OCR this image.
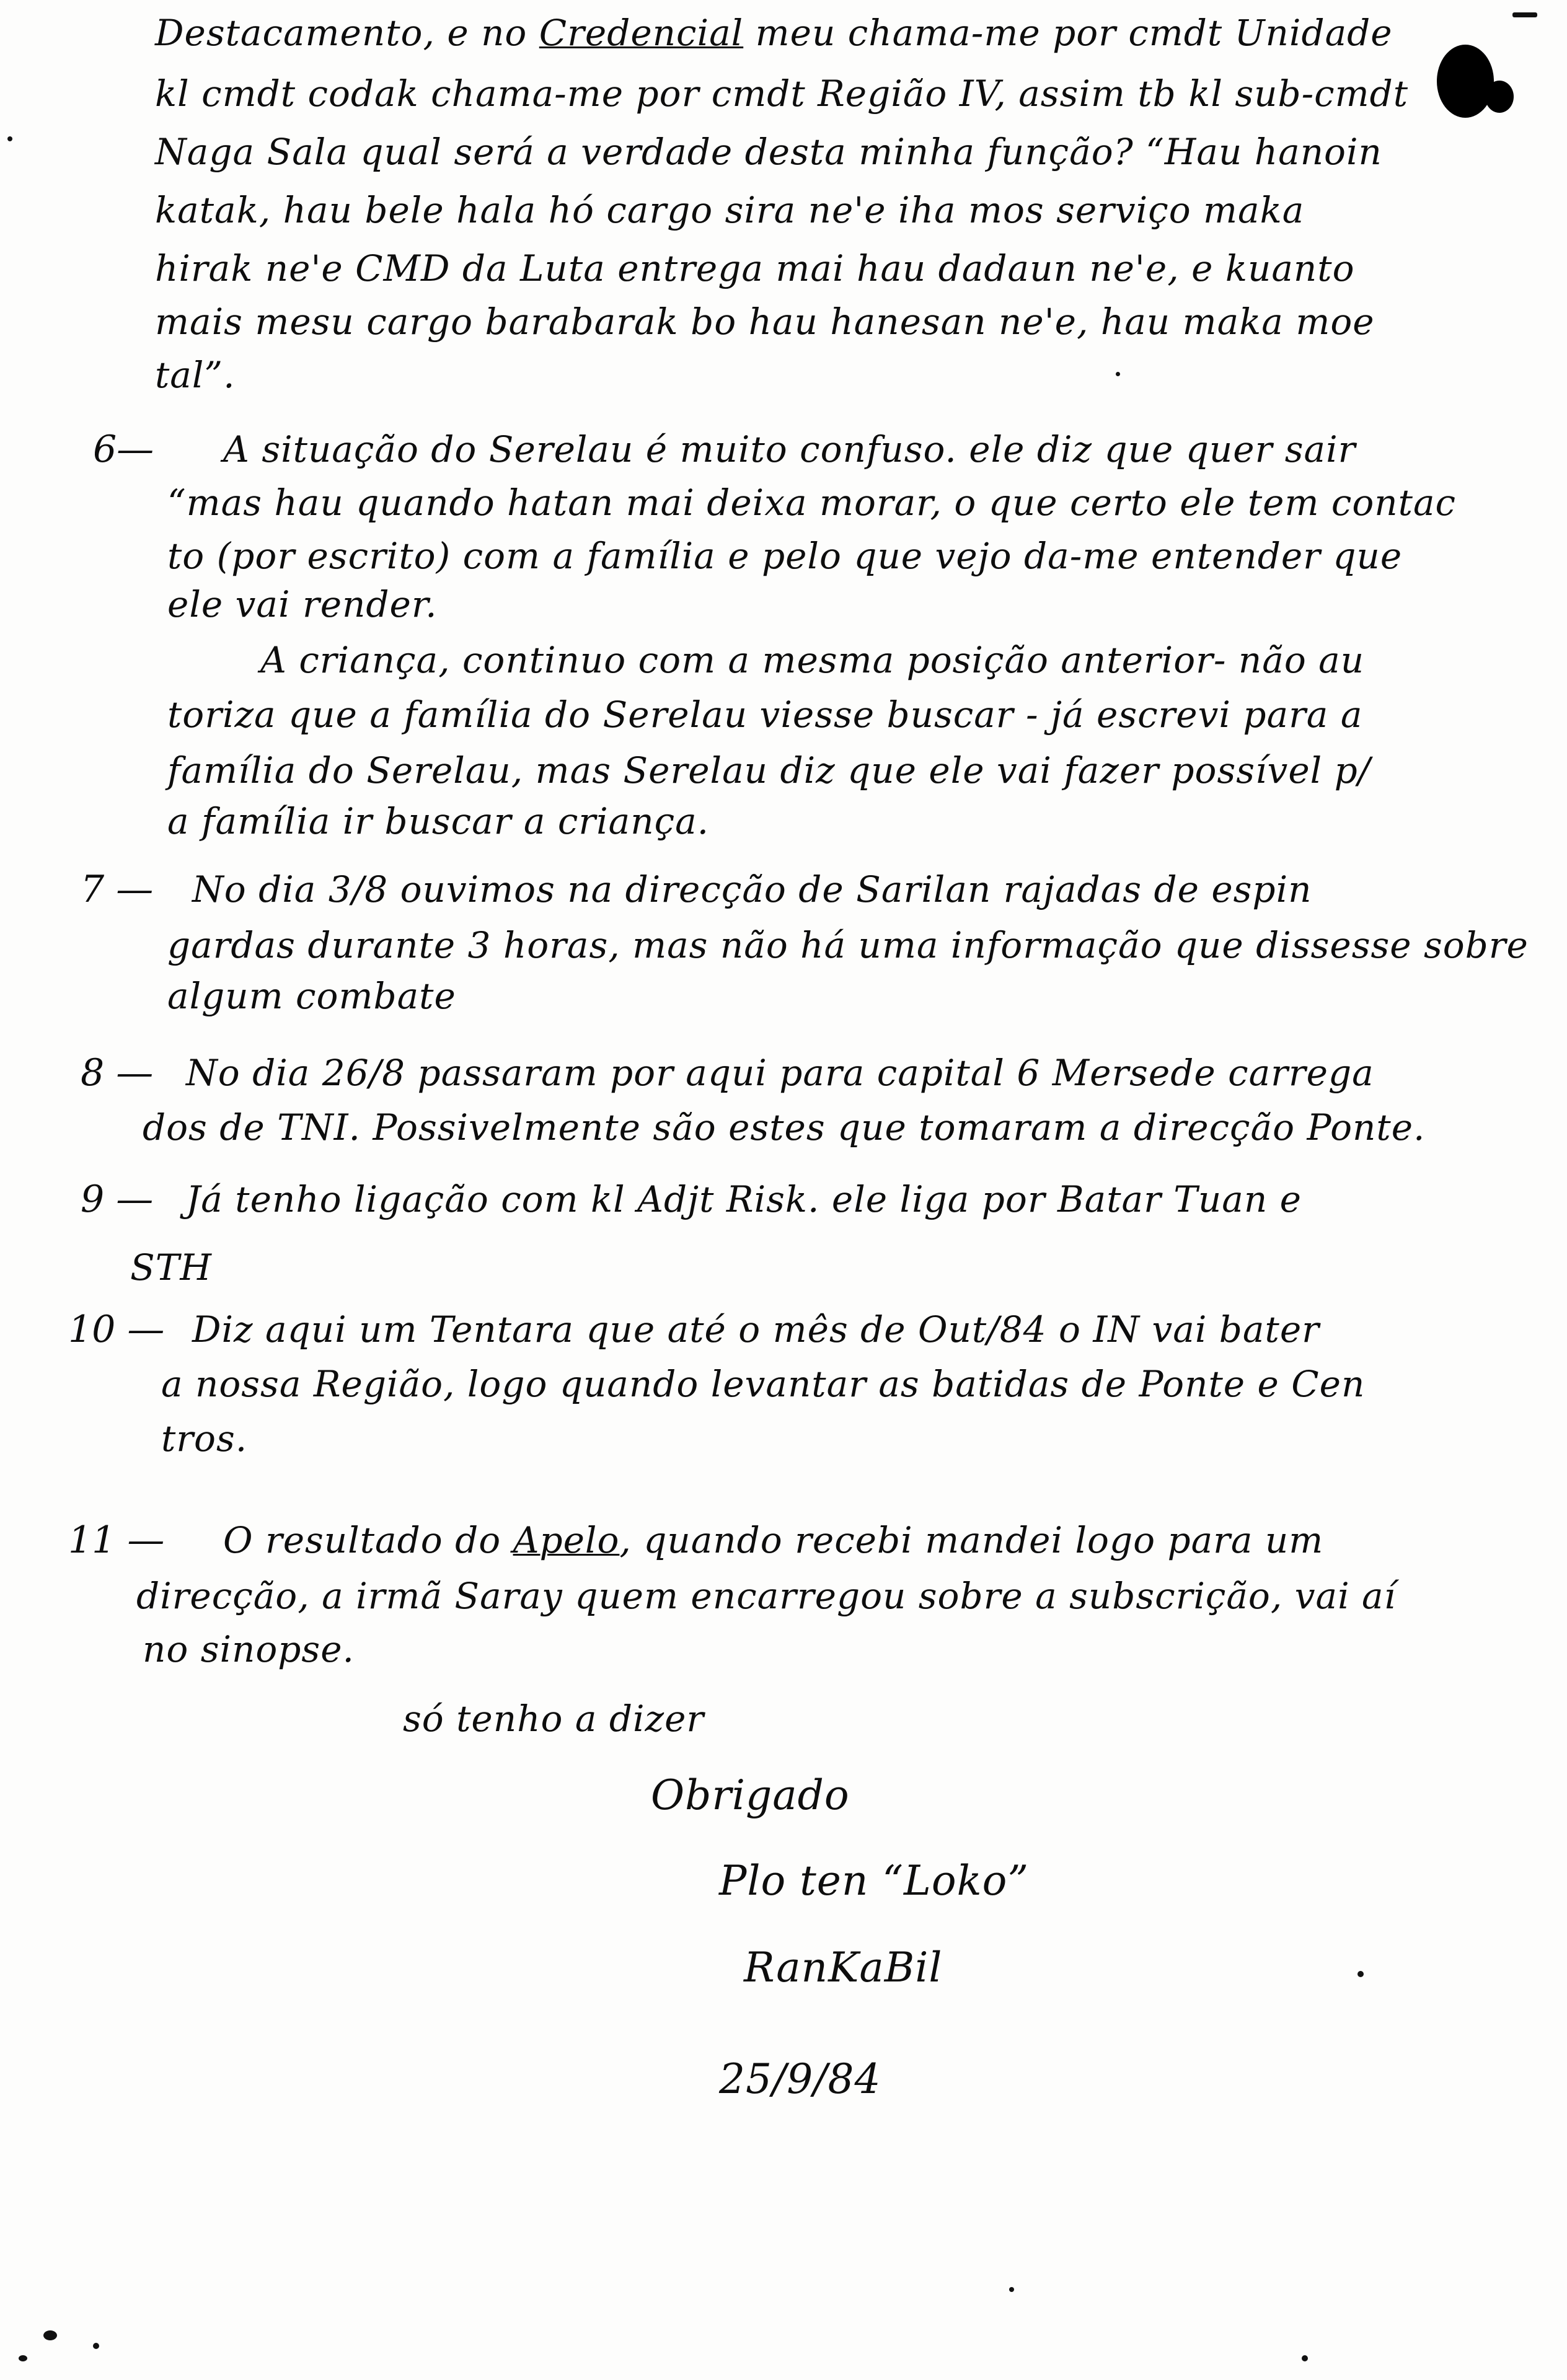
Destacamento, e no Credencial meu chama-me por cmdt Unidade
kl cmdt codak chama-me por cmdt Região IV, assim tb kl sub-cmdt
Naga Sala qual será a verdade desta minha função? “Hau hanoin
katak, hau bele hala hó cargo sira ne'e iha mos serviço maka
hirak ne'e CMD da Luta entrega mai hau dadaun ne'e, e kuanto
mais mesu cargo barabarak bo hau hanesan ne'e, hau maka moe
tal”.
6— A situação do Serelau é muito confuso. ele diz que quer sair
“mas hau quando hatan mai deixa morar, o que certo ele tem contac
to (por escrito) com a família e pelo que vejo da-me entender que
ele vai render.
A criança, continuo com a mesma posição anterior- não au
toriza que a família do Serelau viesse buscar - já escrevi para a
família do Serelau, mas Serelau diz que ele vai fazer possível p/
a família ir buscar a criança.
7 — No dia 3/8 ouvimos na direcção de Sarilan rajadas de espin
gardas durante 3 horas, mas não há uma informação que dissesse sobre
algum combate
8 — No dia 26/8 passaram por aqui para capital 6 Mersede carrega
dos de TNI. Possivelmente são estes que tomaram a direcção Ponte.
9 — Já tenho ligação com kl Adjt Risk. ele liga por Batar Tuan e
STH
10 — Diz aqui um Tentara que até o mês de Out/84 o IN vai bater
a nossa Região, logo quando levantar as batidas de Ponte e Cen
tros.
11 — O resultado do Apelo, quando recebi mandei logo para um
direcção, a irmã Saray quem encarregou sobre a subscrição, vai aí
no sinopse.
só tenho a dizer
Obrigado
Plo ten “Loko”
RanKaBil
25/9/84
